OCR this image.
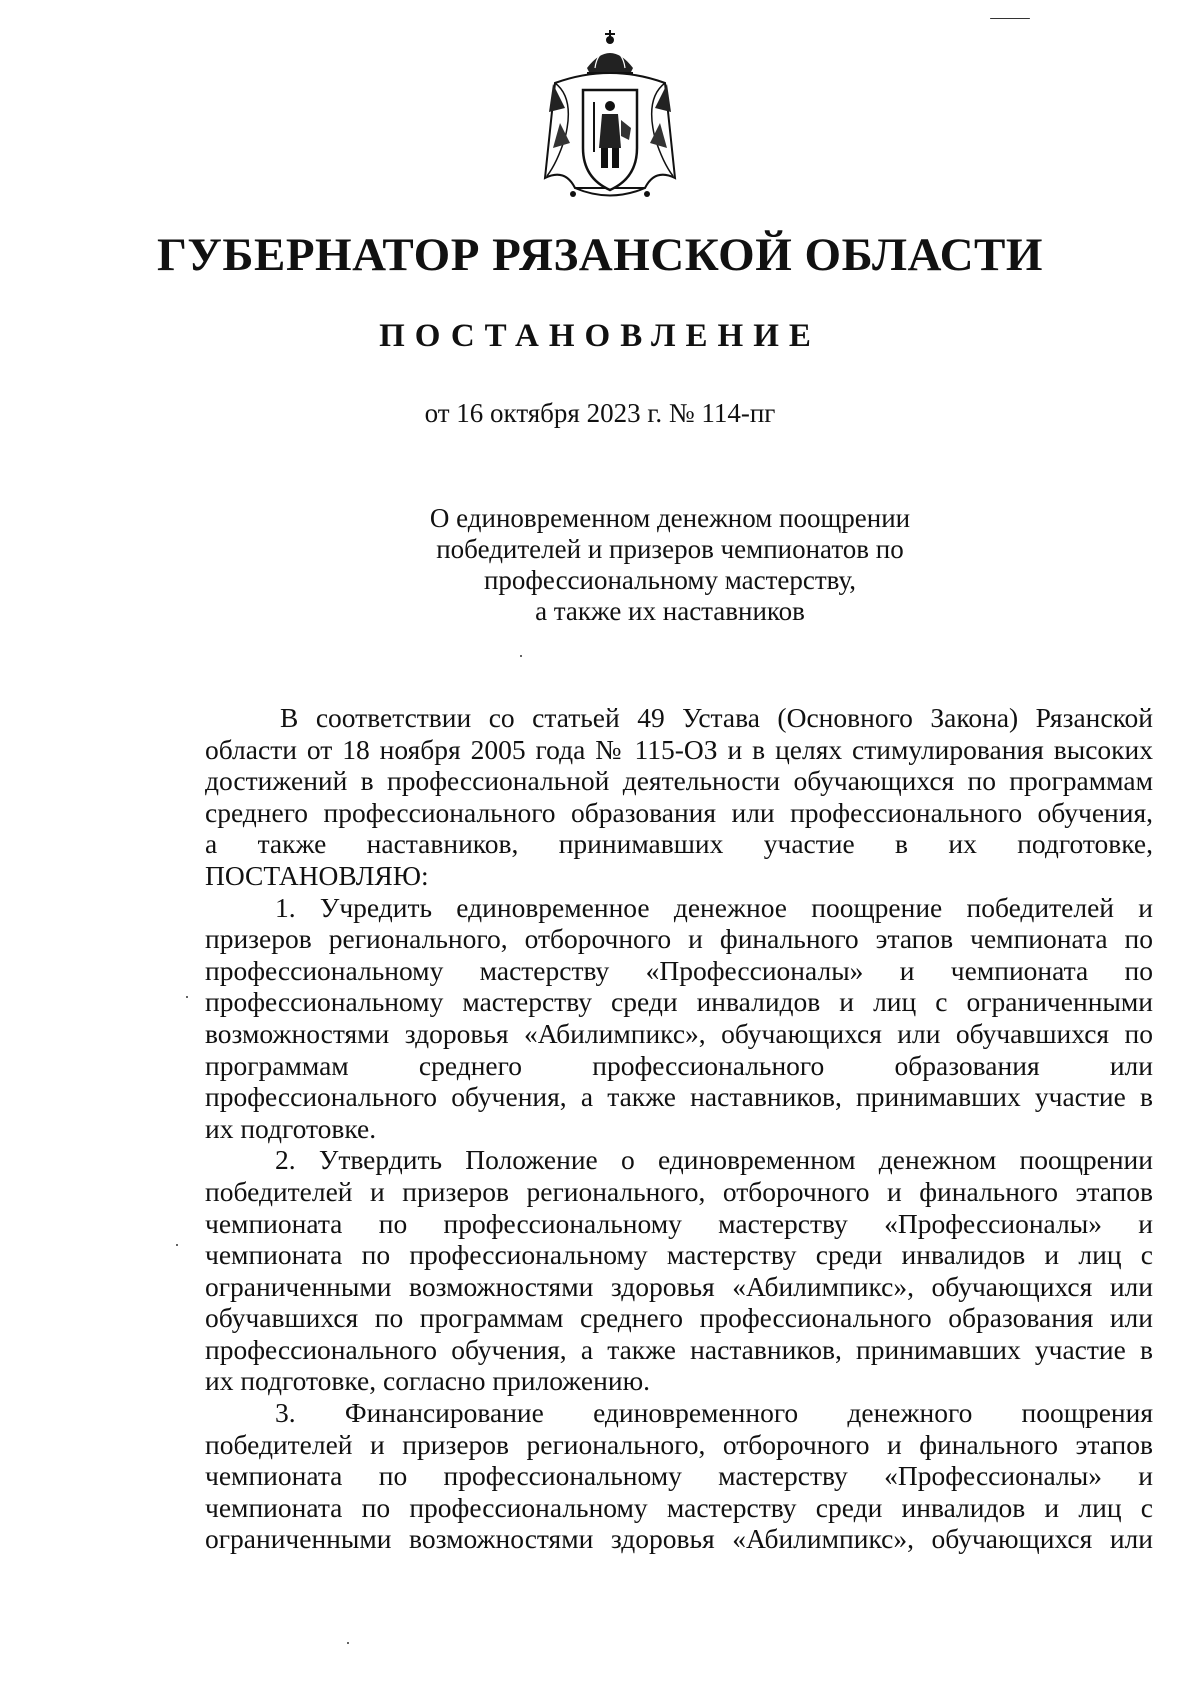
ГУБЕРНАТОР РЯЗАНСКОЙ ОБЛАСТИ
ПОСТАНОВЛЕНИЕ
от 16 октября 2023 г. № 114-пг
О единовременном денежном поощрении
победителей и призеров чемпионатов по
профессиональному мастерству,
а также их наставников
В соответствии со статьей 49 Устава (Основного Закона) Рязанской
области от 18 ноября 2005 года № 115-ОЗ и в целях стимулирования высоких
достижений в профессиональной деятельности обучающихся по программам
среднего профессионального образования или профессионального обучения,
а также наставников, принимавших участие в их подготовке,
ПОСТАНОВЛЯЮ:
1. Учредить единовременное денежное поощрение победителей и
призеров регионального, отборочного и финального этапов чемпионата по
профессиональному мастерству «Профессионалы» и чемпионата по
профессиональному мастерству среди инвалидов и лиц с ограниченными
возможностями здоровья «Абилимпикс», обучающихся или обучавшихся по
программам среднего профессионального образования или
профессионального обучения, а также наставников, принимавших участие в
их подготовке.
2. Утвердить Положение о единовременном денежном поощрении
победителей и призеров регионального, отборочного и финального этапов
чемпионата по профессиональному мастерству «Профессионалы» и
чемпионата по профессиональному мастерству среди инвалидов и лиц с
ограниченными возможностями здоровья «Абилимпикс», обучающихся или
обучавшихся по программам среднего профессионального образования или
профессионального обучения, а также наставников, принимавших участие в
их подготовке, согласно приложению.
3. Финансирование единовременного денежного поощрения
победителей и призеров регионального, отборочного и финального этапов
чемпионата по профессиональному мастерству «Профессионалы» и
чемпионата по профессиональному мастерству среди инвалидов и лиц с
ограниченными возможностями здоровья «Абилимпикс», обучающихся или
